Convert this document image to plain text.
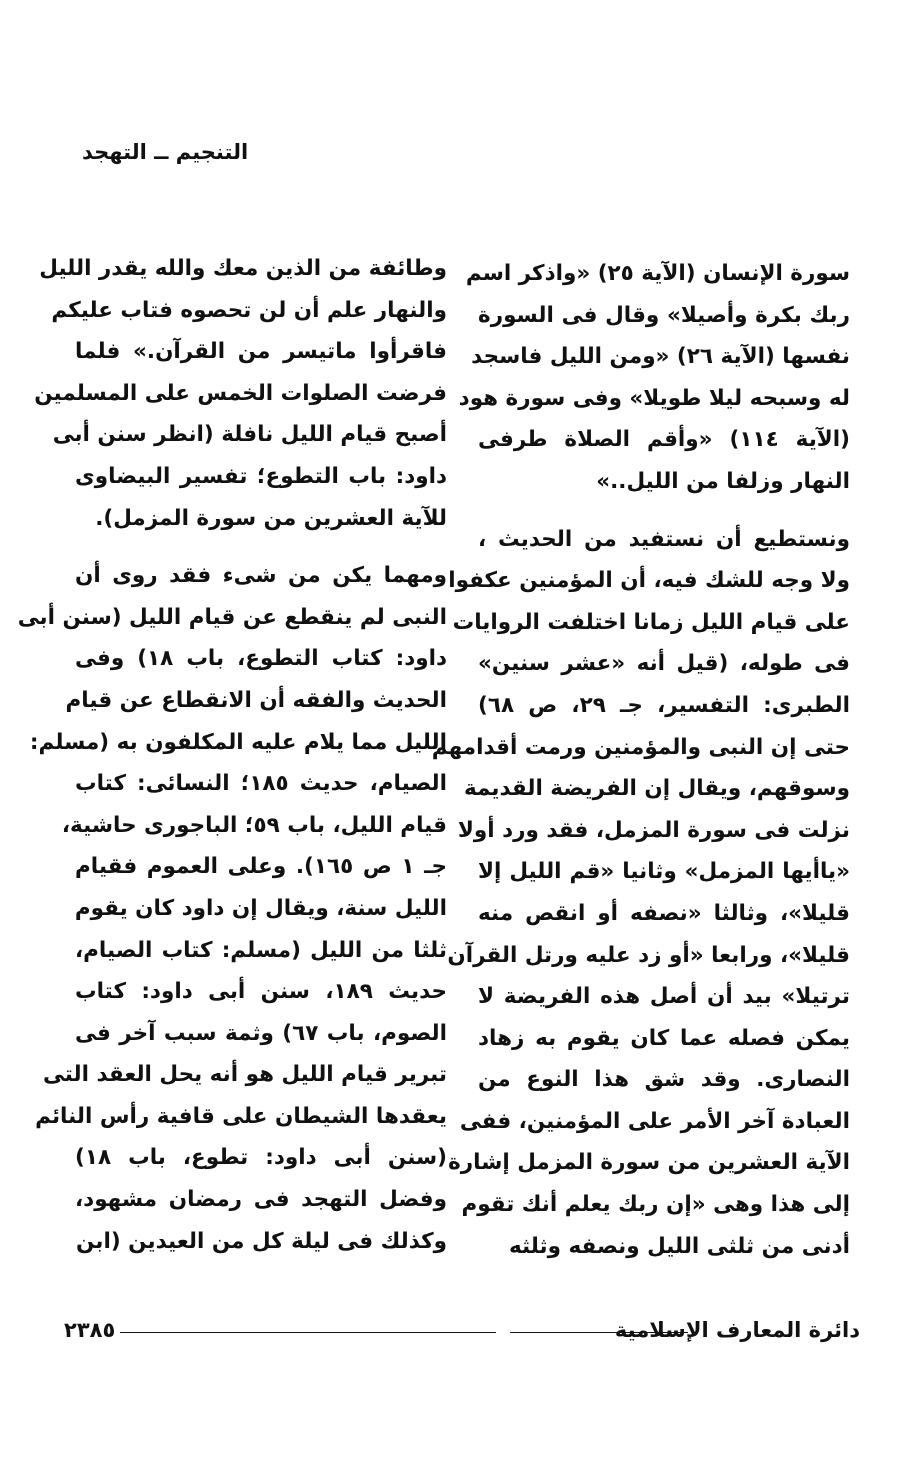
التنجيم ــ التهجد
سورة الإنسان (الآية ٢٥) «واذكر اسم
ربك بكرة وأصيلا» وقال فى السورة
نفسها (الآية ٢٦) «ومن الليل فاسجد
له وسبحه ليلا طويلا» وفى سورة هود
(الآية ١١٤) «وأقم الصلاة طرفى
النهار وزلفا من الليل..»
ونستطيع أن نستفيد من الحديث ،
ولا وجه للشك فيه، أن المؤمنين عكفوا
على قيام الليل زمانا اختلفت الروايات
فى طوله، (قيل أنه «عشر سنين»
الطبرى: التفسير، جـ ٢٩، ص ٦٨)
حتى إن النبى والمؤمنين ورمت أقدامهم
وسوقهم، ويقال إن الفريضة القديمة
نزلت فى سورة المزمل، فقد ورد أولا
«ياأيها المزمل» وثانيا «قم الليل إلا
قليلا»، وثالثا «نصفه أو انقص منه
قليلا»، ورابعا «أو زد عليه ورتل القرآن
ترتيلا» بيد أن أصل هذه الفريضة لا
يمكن فصله عما كان يقوم به زهاد
النصارى. وقد شق هذا النوع من
العبادة آخر الأمر على المؤمنين، ففى
الآية العشرين من سورة المزمل إشارة
إلى هذا وهى «إن ربك يعلم أنك تقوم
أدنى من ثلثى الليل ونصفه وثلثه
وطائفة من الذين معك والله يقدر الليل
والنهار علم أن لن تحصوه فتاب عليكم
فاقرأوا ماتيسر من القرآن.» فلما
فرضت الصلوات الخمس على المسلمين
أصبح قيام الليل نافلة (انظر سنن أبى
داود: باب التطوع؛ تفسير البيضاوى
للآية العشرين من سورة المزمل).
ومهما يكن من شىء فقد روى أن
النبى لم ينقطع عن قيام الليل (سنن أبى
داود: كتاب التطوع، باب ١٨) وفى
الحديث والفقه أن الانقطاع عن قيام
الليل مما يلام عليه المكلفون به (مسلم:
الصيام، حديث ١٨٥؛ النسائى: كتاب
قيام الليل، باب ٥٩؛ الباجورى حاشية،
جـ ١ ص ١٦٥). وعلى العموم فقيام
الليل سنة، ويقال إن داود كان يقوم
ثلثا من الليل (مسلم: كتاب الصيام،
حديث ١٨٩، سنن أبى داود: كتاب
الصوم، باب ٦٧) وثمة سبب آخر فى
تبرير قيام الليل هو أنه يحل العقد التى
يعقدها الشيطان على قافية رأس النائم
(سنن أبى داود: تطوع، باب ١٨)
وفضل التهجد فى رمضان مشهود،
وكذلك فى ليلة كل من العيدين (ابن
دائرة المعارف الإسلامية
٢٣٨٥
